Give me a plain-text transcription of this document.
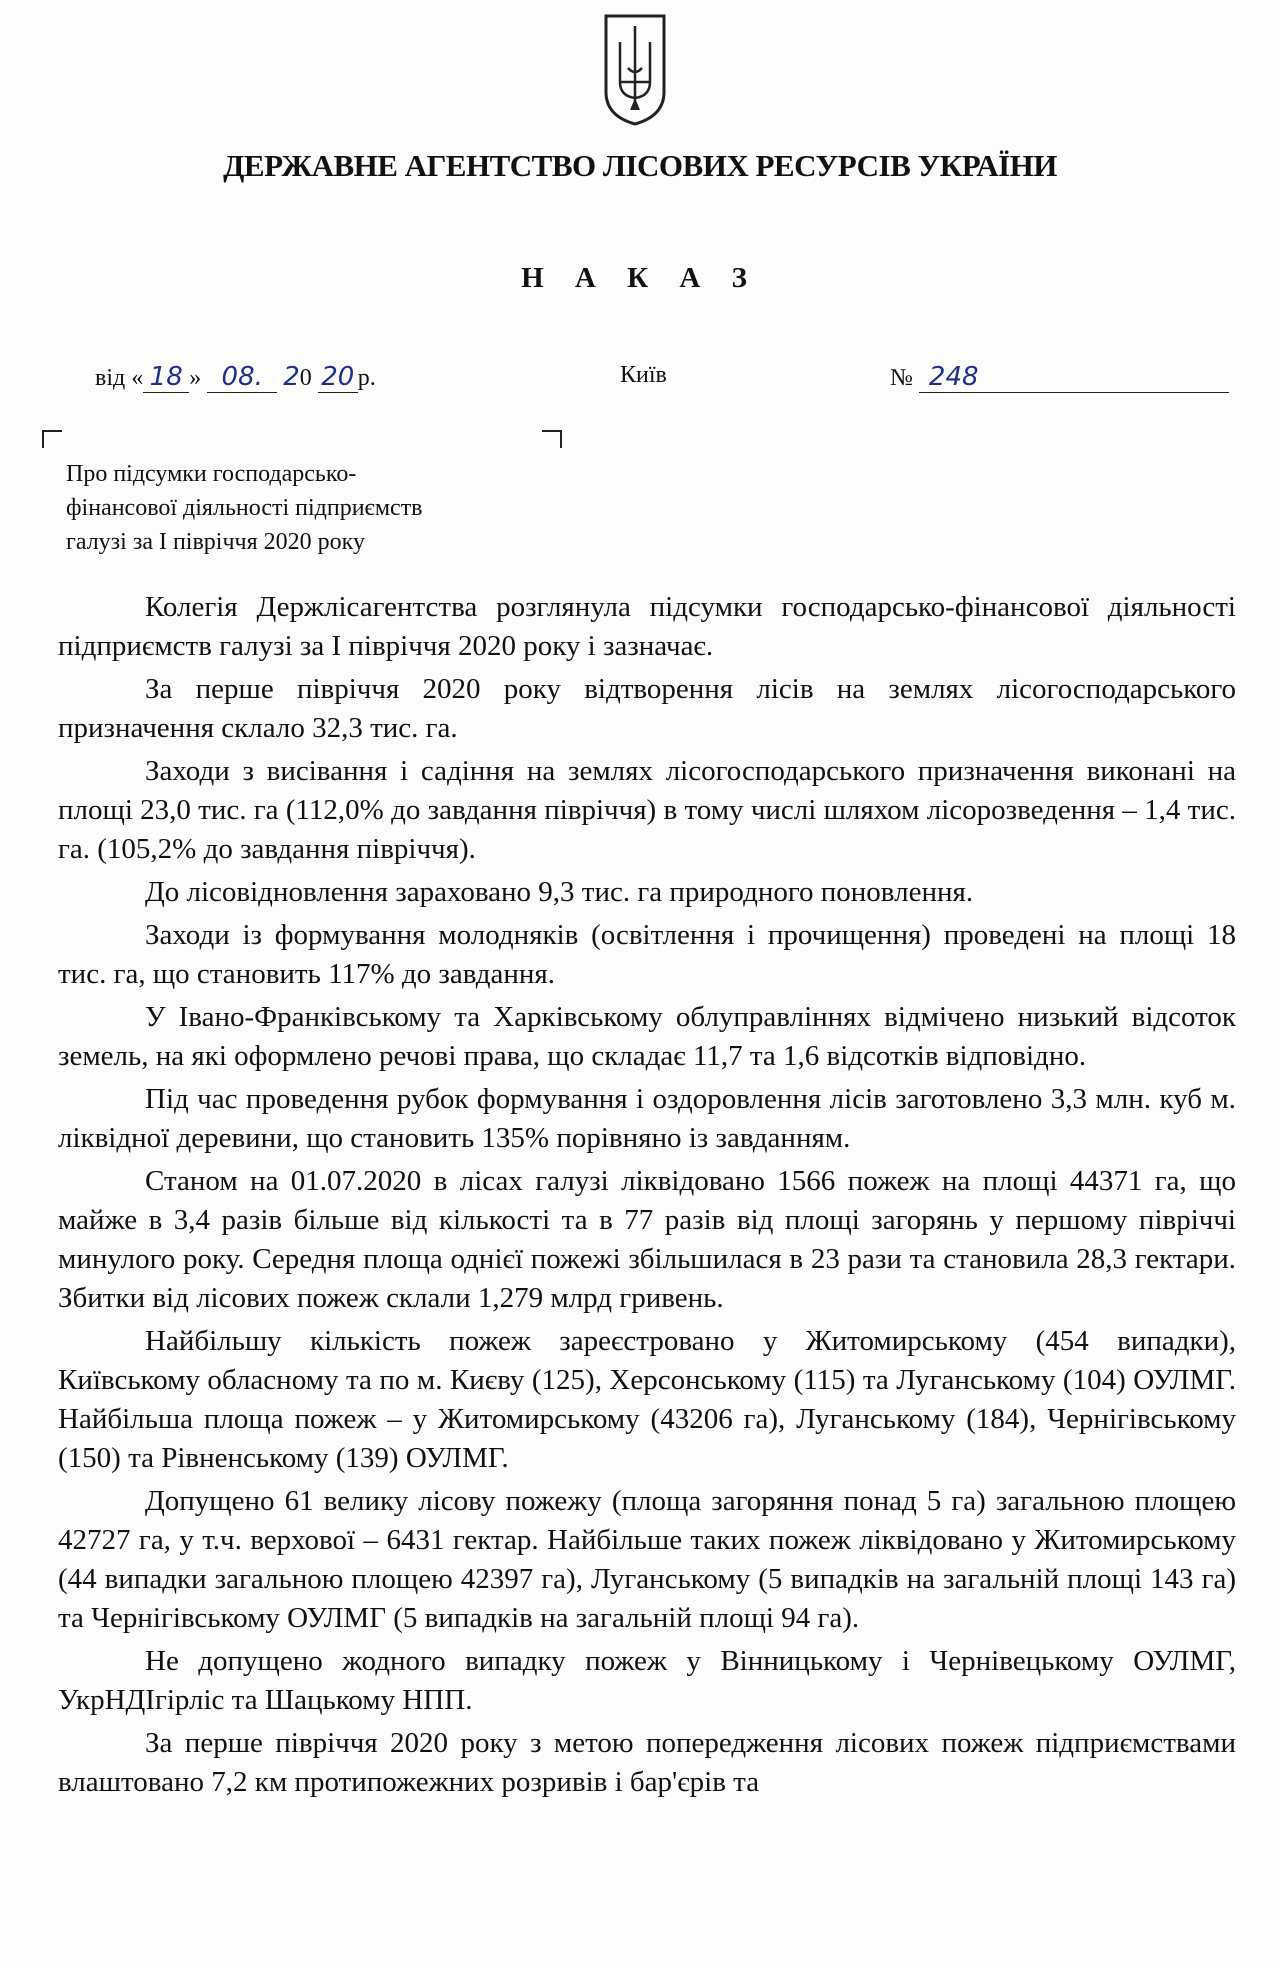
ДЕРЖАВНЕ АГЕНТСТВО ЛІСОВИХ РЕСУРСІВ УКРАЇНИ
Н А К А З
від « 18 » 08. 20 20 р.	Київ	№ 248
Про підсумки господарсько-
фінансової діяльності підприємств
галузі за І півріччя 2020 року

Колегія Держлісагентства розглянула підсумки господарсько-фінансової діяльності підприємств галузі за І півріччя 2020 року і зазначає.

За перше півріччя 2020 року відтворення лісів на землях лісогосподарського призначення склало 32,3 тис. га.

Заходи з висівання і садіння на землях лісогосподарського призначення виконані на площі 23,0 тис. га (112,0% до завдання півріччя) в тому числі шляхом лісорозведення – 1,4 тис. га. (105,2% до завдання півріччя).

До лісовідновлення зараховано 9,3 тис. га природного поновлення.

Заходи із формування молодняків (освітлення і прочищення) проведені на площі 18 тис. га, що становить 117% до завдання.

У Івано-Франківському та Харківському облуправліннях відмічено низький відсоток земель, на які оформлено речові права, що складає 11,7 та 1,6 відсотків відповідно.

Під час проведення рубок формування і оздоровлення лісів заготовлено 3,3 млн. куб м. ліквідної деревини, що становить 135% порівняно із завданням.

Станом на 01.07.2020 в лісах галузі ліквідовано 1566 пожеж на площі 44371 га, що майже в 3,4 разів більше від кількості та в 77 разів від площі загорянь у першому півріччі минулого року. Середня площа однієї пожежі збільшилася в 23 рази та становила 28,3 гектари. Збитки від лісових пожеж склали 1,279 млрд гривень.

Найбільшу кількість пожеж зареєстровано у Житомирському (454 випадки), Київському обласному та по м. Києву (125), Херсонському (115) та Луганському (104) ОУЛМГ. Найбільша площа пожеж – у Житомирському (43206 га), Луганському (184), Чернігівському (150) та Рівненському (139) ОУЛМГ.

Допущено 61 велику лісову пожежу (площа загоряння понад 5 га) загальною площею 42727 га, у т.ч. верхової – 6431 гектар. Найбільше таких пожеж ліквідовано у Житомирському (44 випадки загальною площею 42397 га), Луганському (5 випадків на загальній площі 143 га) та Чернігівському ОУЛМГ (5 випадків на загальній площі 94 га).

Не допущено жодного випадку пожеж у Вінницькому і Чернівецькому ОУЛМГ, УкрНДІгірліс та Шацькому НПП.

За перше півріччя 2020 року з метою попередження лісових пожеж підприємствами влаштовано 7,2 км протипожежних розривів і бар'єрів та
